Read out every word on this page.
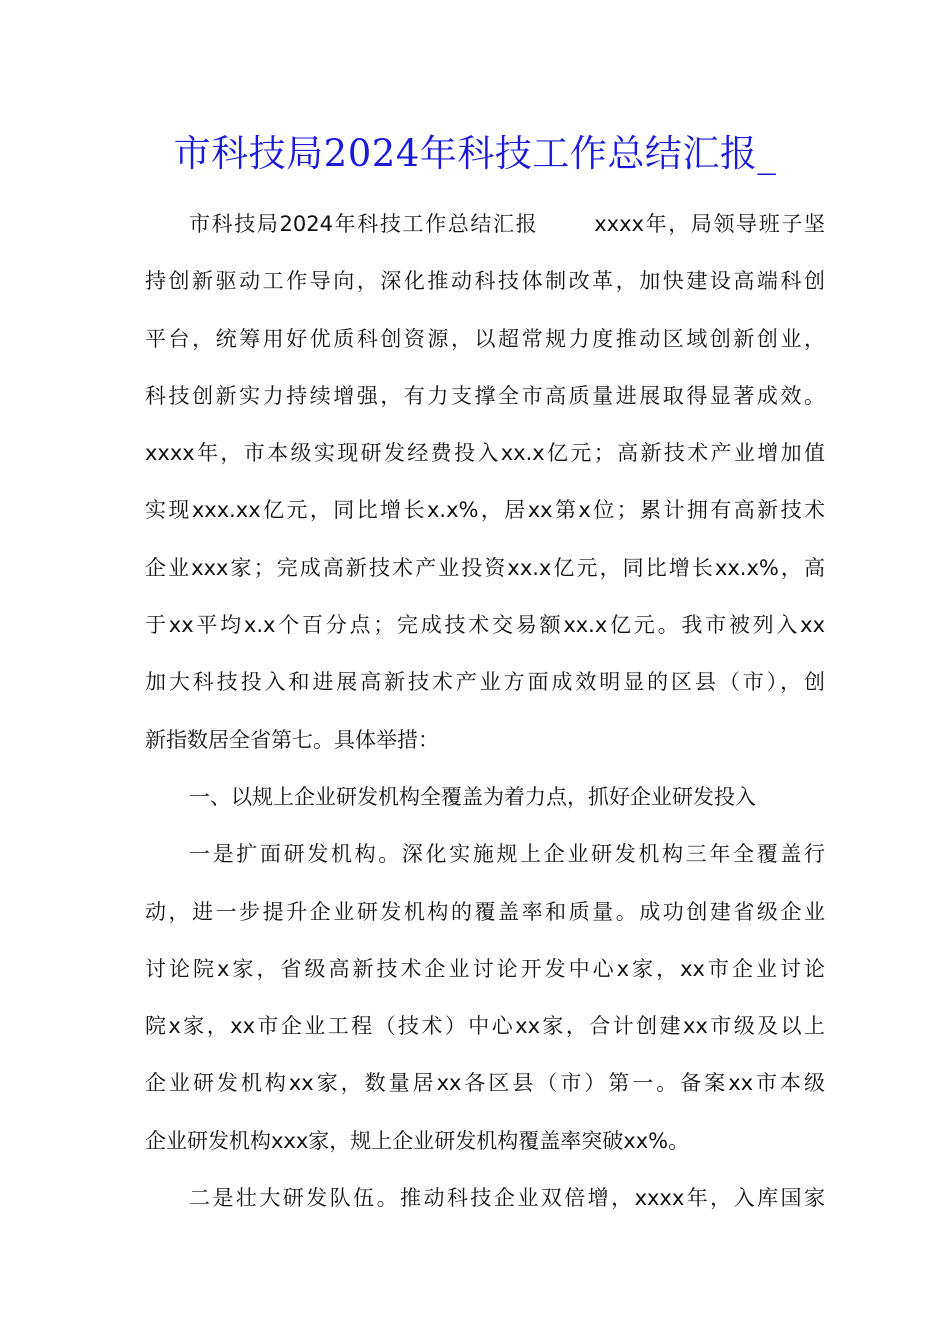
市科技局2024年科技工作总结汇报_
市科技局2024年科技工作总结汇报	xxxx年，局领导班子坚
持创新驱动工作导向，深化推动科技体制改革，加快建设高端科创
平台，统筹用好优质科创资源，以超常规力度推动区域创新创业，
科技创新实力持续增强，有力支撑全市高质量进展取得显著成效。
xxxx年，市本级实现研发经费投入xx.x亿元；高新技术产业增加值
实现xxx.xx亿元，同比增长x.x%，居xx第x位；累计拥有高新技术
企业xxx家；完成高新技术产业投资xx.x亿元，同比增长xx.x%，高
于xx平均x.x个百分点；完成技术交易额xx.x亿元。我市被列入xx
加大科技投入和进展高新技术产业方面成效明显的区县（市），创
新指数居全省第七。具体举措：
一、以规上企业研发机构全覆盖为着力点，抓好企业研发投入
一是扩面研发机构。深化实施规上企业研发机构三年全覆盖行
动，进一步提升企业研发机构的覆盖率和质量。成功创建省级企业
讨论院x家，省级高新技术企业讨论开发中心x家，xx市企业讨论
院x家，xx市企业工程（技术）中心xx家，合计创建xx市级及以上
企业研发机构xx家，数量居xx各区县（市）第一。备案xx市本级
企业研发机构xxx家，规上企业研发机构覆盖率突破xx%。
二是壮大研发队伍。推动科技企业双倍增，xxxx年，入库国家
